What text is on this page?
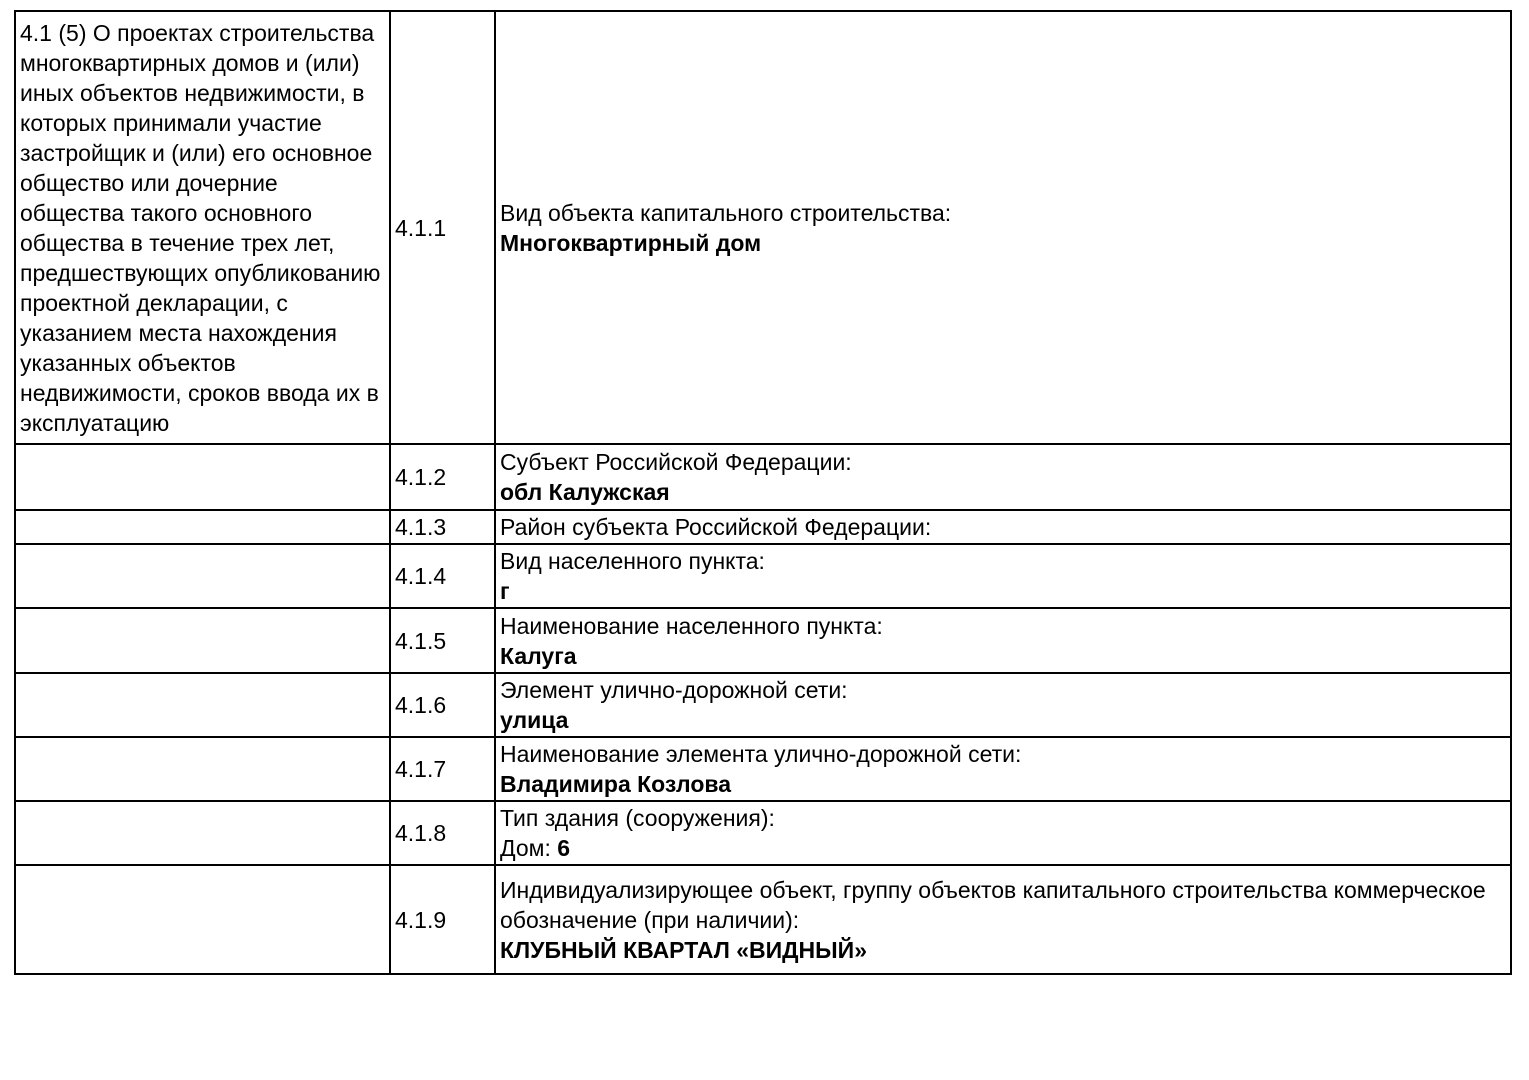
4.1 (5) О проектах строительства многоквартирных домов и (или) иных объектов недвижимости, в которых принимали участие застройщик и (или) его основное общество или дочерние общества такого основного общества в течение трех лет, предшествующих опубликованию проектной декларации, с указанием места нахождения указанных объектов недвижимости, сроков ввода их в эксплуатацию	4.1.1	Вид объекта капитального строительства:
Многоквартирный дом

	4.1.2	Субъект Российской Федерации:
обл Калужская

	4.1.3	Район субъекта Российской Федерации:

	4.1.4	Вид населенного пункта:
г

	4.1.5	Наименование населенного пункта:
Калуга

	4.1.6	Элемент улично-дорожной сети:
улица

	4.1.7	Наименование элемента улично-дорожной сети:
Владимира Козлова

	4.1.8	Тип здания (сооружения):
Дом: 6

	4.1.9	Индивидуализирующее объект, группу объектов капитального строительства коммерческое обозначение (при наличии):
КЛУБНЫЙ КВАРТАЛ «ВИДНЫЙ»
